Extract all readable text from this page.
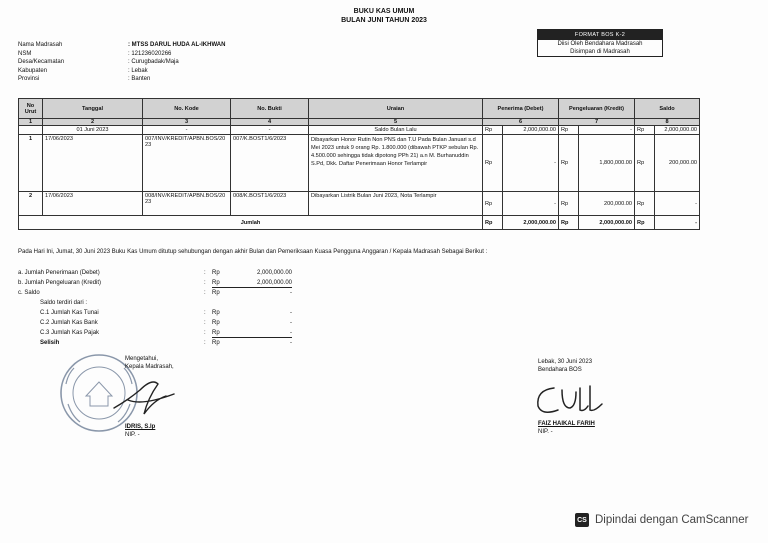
BUKU KAS UMUM
BULAN JUNI TAHUN 2023
FORMAT BOS K-2
Diisi Oleh Bendahara Madrasah
Disimpan di Madrasah
Nama Madrasah	: MTSS DARUL HUDA AL-IKHWAN
NSM	: 121236020266
Desa/Kecamatan	: Curugbadak/Maja
Kabupaten	: Lebak
Provinsi	: Banten
No Urut	Tanggal	No. Kode	No. Bukti	Uraian	Penerima (Debet)		Pengeluaran (Kredit)		Saldo	
1	2	3	4	5	6		7		8	
	01 Juni 2023	-	-	Saldo Bulan Lalu	Rp	2,000,000.00	Rp	-	Rp	2,000,000.00
1	17/06/2023	007/INV/KREDIT/APBN.BOS/2023	007/K.BOST1/6/2023	Dibayarkan Honor Rutin Non PNS dan T.U Pada Bulan Januari s.d Mei 2023 untuk 9 orang Rp. 1.800.000 (dibawah PTKP sebulan Rp. 4.500.000 sehingga tidak dipotong PPh 21) a.n M. Burhanuddin S.Pd, Dkk. Daftar Penerimaan Honor Terlampir	Rp	-	Rp	1,800,000.00	Rp	200,000.00
2	17/06/2023	008/INV/KREDIT/APBN.BOS/2023	008/K.BOST1/6/2023	Dibayarkan Listrik Bulan Juni 2023, Nota Terlampir	Rp	-	Rp	200,000.00	Rp	-
Jumlah					Rp	2,000,000.00	Rp	2,000,000.00	Rp	-
Pada Hari Ini, Jumat, 30 Juni 2023 Buku Kas Umum ditutup sehubungan dengan akhir Bulan dan Pemeriksaan Kuasa Pengguna Anggaran / Kepala Madrasah Sebagai Berikut :
a. Jumlah Penerimaan (Debet)	:	Rp	2,000,000.00
b. Jumlah Pengeluaran (Kredit)	:	Rp	2,000,000.00
c. Saldo	:	Rp	-
Saldo terdiri dari :
C.1 Jumlah Kas Tunai	:	Rp	-
C.2 Jumlah Kas Bank	:	Rp	-
C.3 Jumlah Kas Pajak	:	Rp	-
Selisih	:	Rp	-
Mengetahui,
Kepala Madrasah,
IDRIS, S.Ip
NIP. -
Lebak, 30 Juni 2023
Bendahara BOS
FAIZ HAIKAL FARIH
NIP. -
CS Dipindai dengan CamScanner
